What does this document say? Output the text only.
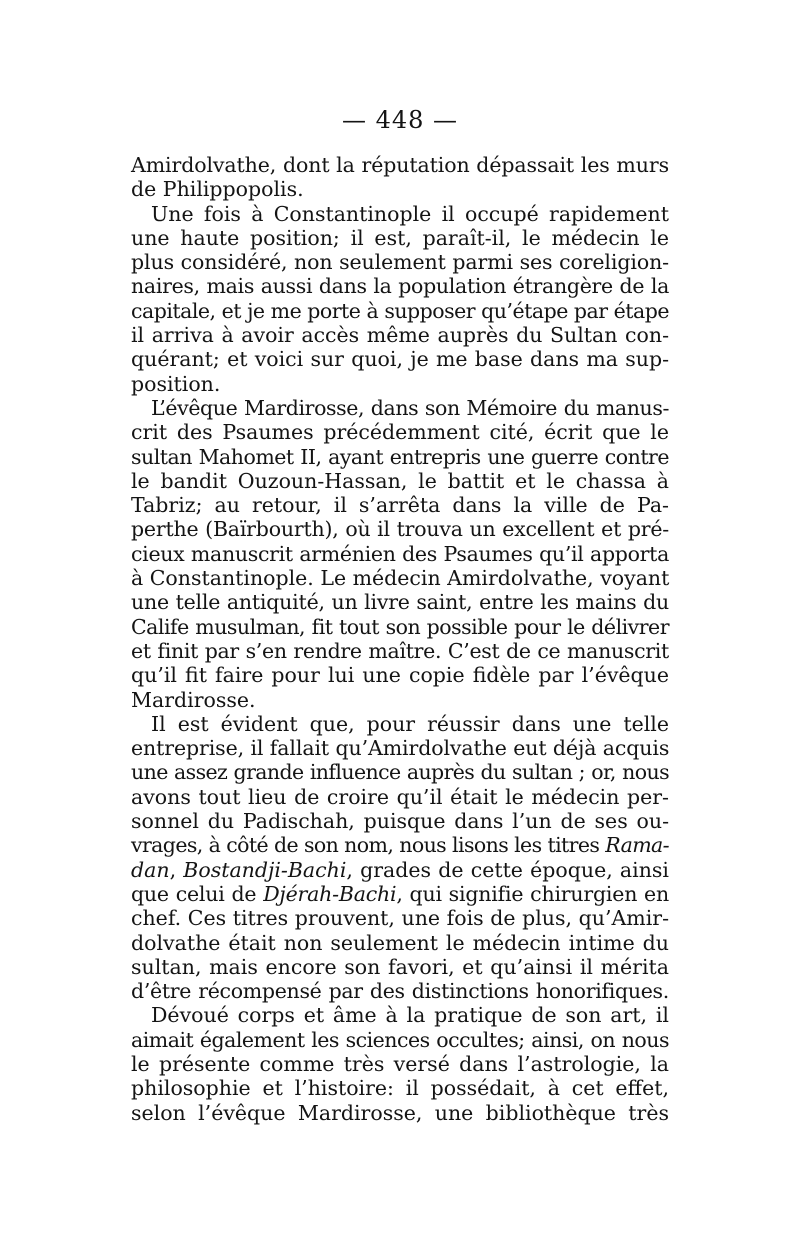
— 448 —
Amirdolvathe, dont la réputation dépassait les murs
de Philippopolis.
Une fois à Constantinople il occupé rapidement
une haute position; il est, paraît-il, le médecin le
plus considéré, non seulement parmi ses coreligion-
naires, mais aussi dans la population étrangère de la
capitale, et je me porte à supposer qu’étape par étape
il arriva à avoir accès même auprès du Sultan con-
quérant; et voici sur quoi, je me base dans ma sup-
position.
L’évêque Mardirosse, dans son Mémoire du manus-
crit des Psaumes précédemment cité, écrit que le
sultan Mahomet II, ayant entrepris une guerre contre
le bandit Ouzoun-Hassan, le battit et le chassa à
Tabriz; au retour, il s’arrêta dans la ville de Pa-
perthe (Baïrbourth), où il trouva un excellent et pré-
cieux manuscrit arménien des Psaumes qu’il apporta
à Constantinople. Le médecin Amirdolvathe, voyant
une telle antiquité, un livre saint, entre les mains du
Calife musulman, fit tout son possible pour le délivrer
et finit par s’en rendre maître. C’est de ce manuscrit
qu’il fit faire pour lui une copie fidèle par l’évêque
Mardirosse.
Il est évident que, pour réussir dans une telle
entreprise, il fallait qu’Amirdolvathe eut déjà acquis
une assez grande influence auprès du sultan ; or, nous
avons tout lieu de croire qu’il était le médecin per-
sonnel du Padischah, puisque dans l’un de ses ou-
vrages, à côté de son nom, nous lisons les titres Rama-
dan, Bostandji-Bachi, grades de cette époque, ainsi
que celui de Djérah-Bachi, qui signifie chirurgien en
chef. Ces titres prouvent, une fois de plus, qu’Amir-
dolvathe était non seulement le médecin intime du
sultan, mais encore son favori, et qu’ainsi il mérita
d’être récompensé par des distinctions honorifiques.
Dévoué corps et âme à la pratique de son art, il
aimait également les sciences occultes; ainsi, on nous
le présente comme très versé dans l’astrologie, la
philosophie et l’histoire: il possédait, à cet effet,
selon l’évêque Mardirosse, une bibliothèque très
